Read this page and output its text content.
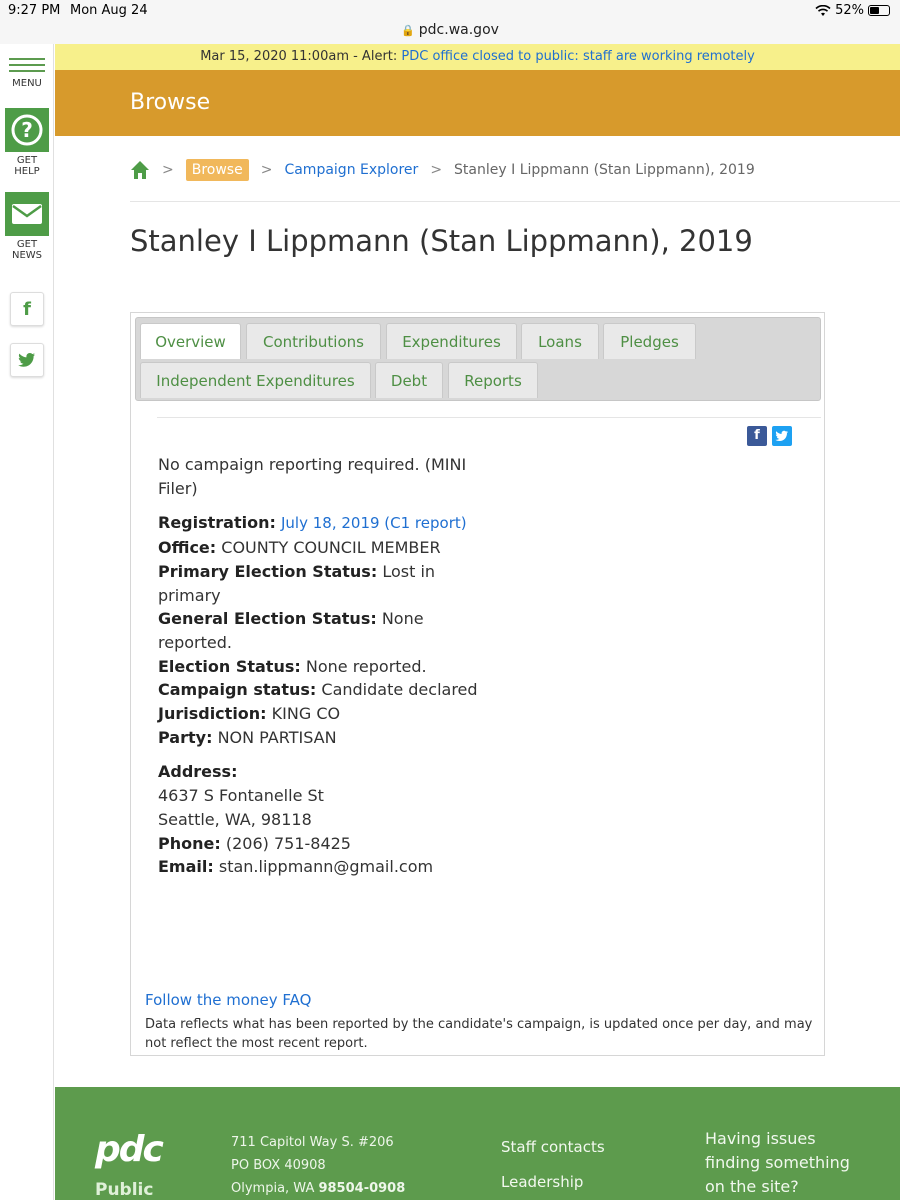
9:27 PM Mon Aug 24	52%
🔒 pdc.wa.gov
MENU
?
GET
HELP
GET
NEWS
f
Mar 15, 2020 11:00am - Alert: PDC office closed to public: staff are working remotely
Browse
>	Browse	> Campaign Explorer > Stanley I Lippmann (Stan Lippmann), 2019
Stanley I Lippmann (Stan Lippmann), 2019
Overview	Contributions	Expenditures	Loans	Pledges
Independent Expenditures	Debt	Reports
f
No campaign reporting required. (MINI Filer)
Registration: July 18, 2019 (C1 report)
Office: COUNTY COUNCIL MEMBER
Primary Election Status: Lost in primary
General Election Status: None reported.
Election Status: None reported.
Campaign status: Candidate declared
Jurisdiction: KING CO
Party: NON PARTISAN
Address:
4637 S Fontanelle St
Seattle, WA, 98118
Phone: (206) 751-8425
Email: stan.lippmann@gmail.com
Follow the money FAQ
Data reflects what has been reported by the candidate's campaign, is updated once per day, and may not reflect the most recent report.
pdc
Public
711 Capitol Way S. #206
PO BOX 40908
Olympia, WA 98504-0908
Staff contacts
Leadership
Having issues finding something on the site?
